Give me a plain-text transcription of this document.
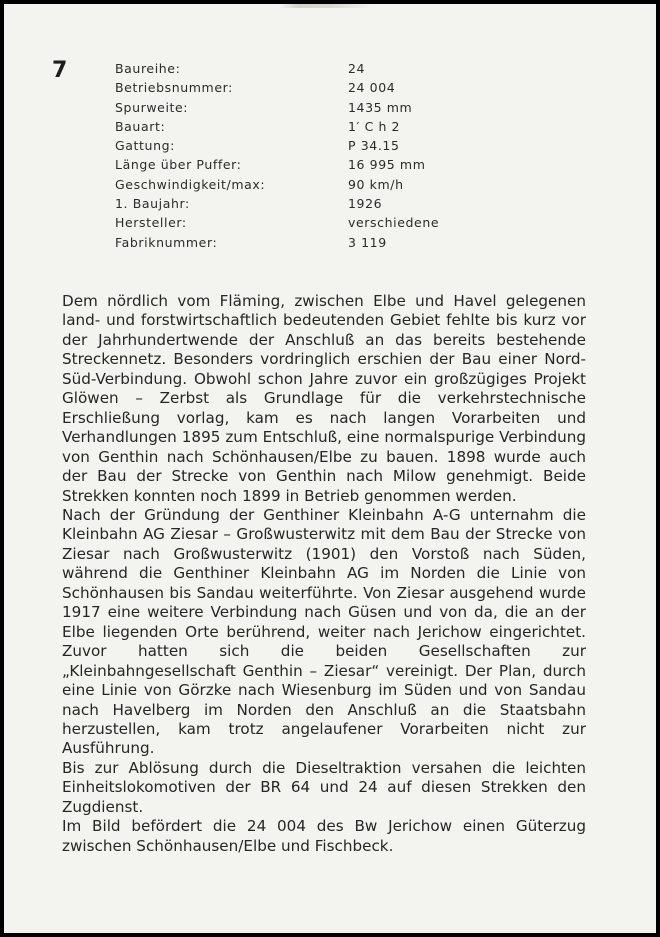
7	Baureihe:	24
Betriebsnummer:	24 004
Spurweite:	1435 mm
Bauart:	1′ C h 2
Gattung:	P 34.15
Länge über Puffer:	16 995 mm
Geschwindigkeit/max:	90 km/h
1. Baujahr:	1926
Hersteller:	verschiedene
Fabriknummer:	3 119

Dem nördlich vom Fläming, zwischen Elbe und Havel gelegenen land- und forstwirtschaftlich bedeutenden Gebiet fehlte bis kurz vor der Jahrhundertwende der Anschluß an das bereits bestehende Streckennetz. Besonders vordringlich erschien der Bau einer Nord-Süd-Verbindung. Obwohl schon Jahre zuvor ein großzügiges Projekt Glöwen – Zerbst als Grundlage für die verkehrstechnische Erschließung vorlag, kam es nach langen Vorarbeiten und Verhandlungen 1895 zum Entschluß, eine normalspurige Verbindung von Genthin nach Schönhausen/Elbe zu bauen. 1898 wurde auch der Bau der Strecke von Genthin nach Milow genehmigt. Beide Strekken konnten noch 1899 in Betrieb genommen werden.

Nach der Gründung der Genthiner Kleinbahn A-G unternahm die Kleinbahn AG Ziesar – Großwusterwitz mit dem Bau der Strecke von Ziesar nach Großwusterwitz (1901) den Vorstoß nach Süden, während die Genthiner Kleinbahn AG im Norden die Linie von Schönhausen bis Sandau weiterführte. Von Ziesar ausgehend wurde 1917 eine weitere Verbindung nach Güsen und von da, die an der Elbe liegenden Orte berührend, weiter nach Jerichow eingerichtet. Zuvor hatten sich die beiden Gesellschaften zur „Kleinbahngesellschaft Genthin – Ziesar“ vereinigt. Der Plan, durch eine Linie von Görzke nach Wiesenburg im Süden und von Sandau nach Havelberg im Norden den Anschluß an die Staatsbahn herzustellen, kam trotz angelaufener Vorarbeiten nicht zur Ausführung.

Bis zur Ablösung durch die Dieseltraktion versahen die leichten Einheitslokomotiven der BR 64 und 24 auf diesen Strekken den Zugdienst.

Im Bild befördert die 24 004 des Bw Jerichow einen Güterzug zwischen Schönhausen/Elbe und Fischbeck.
